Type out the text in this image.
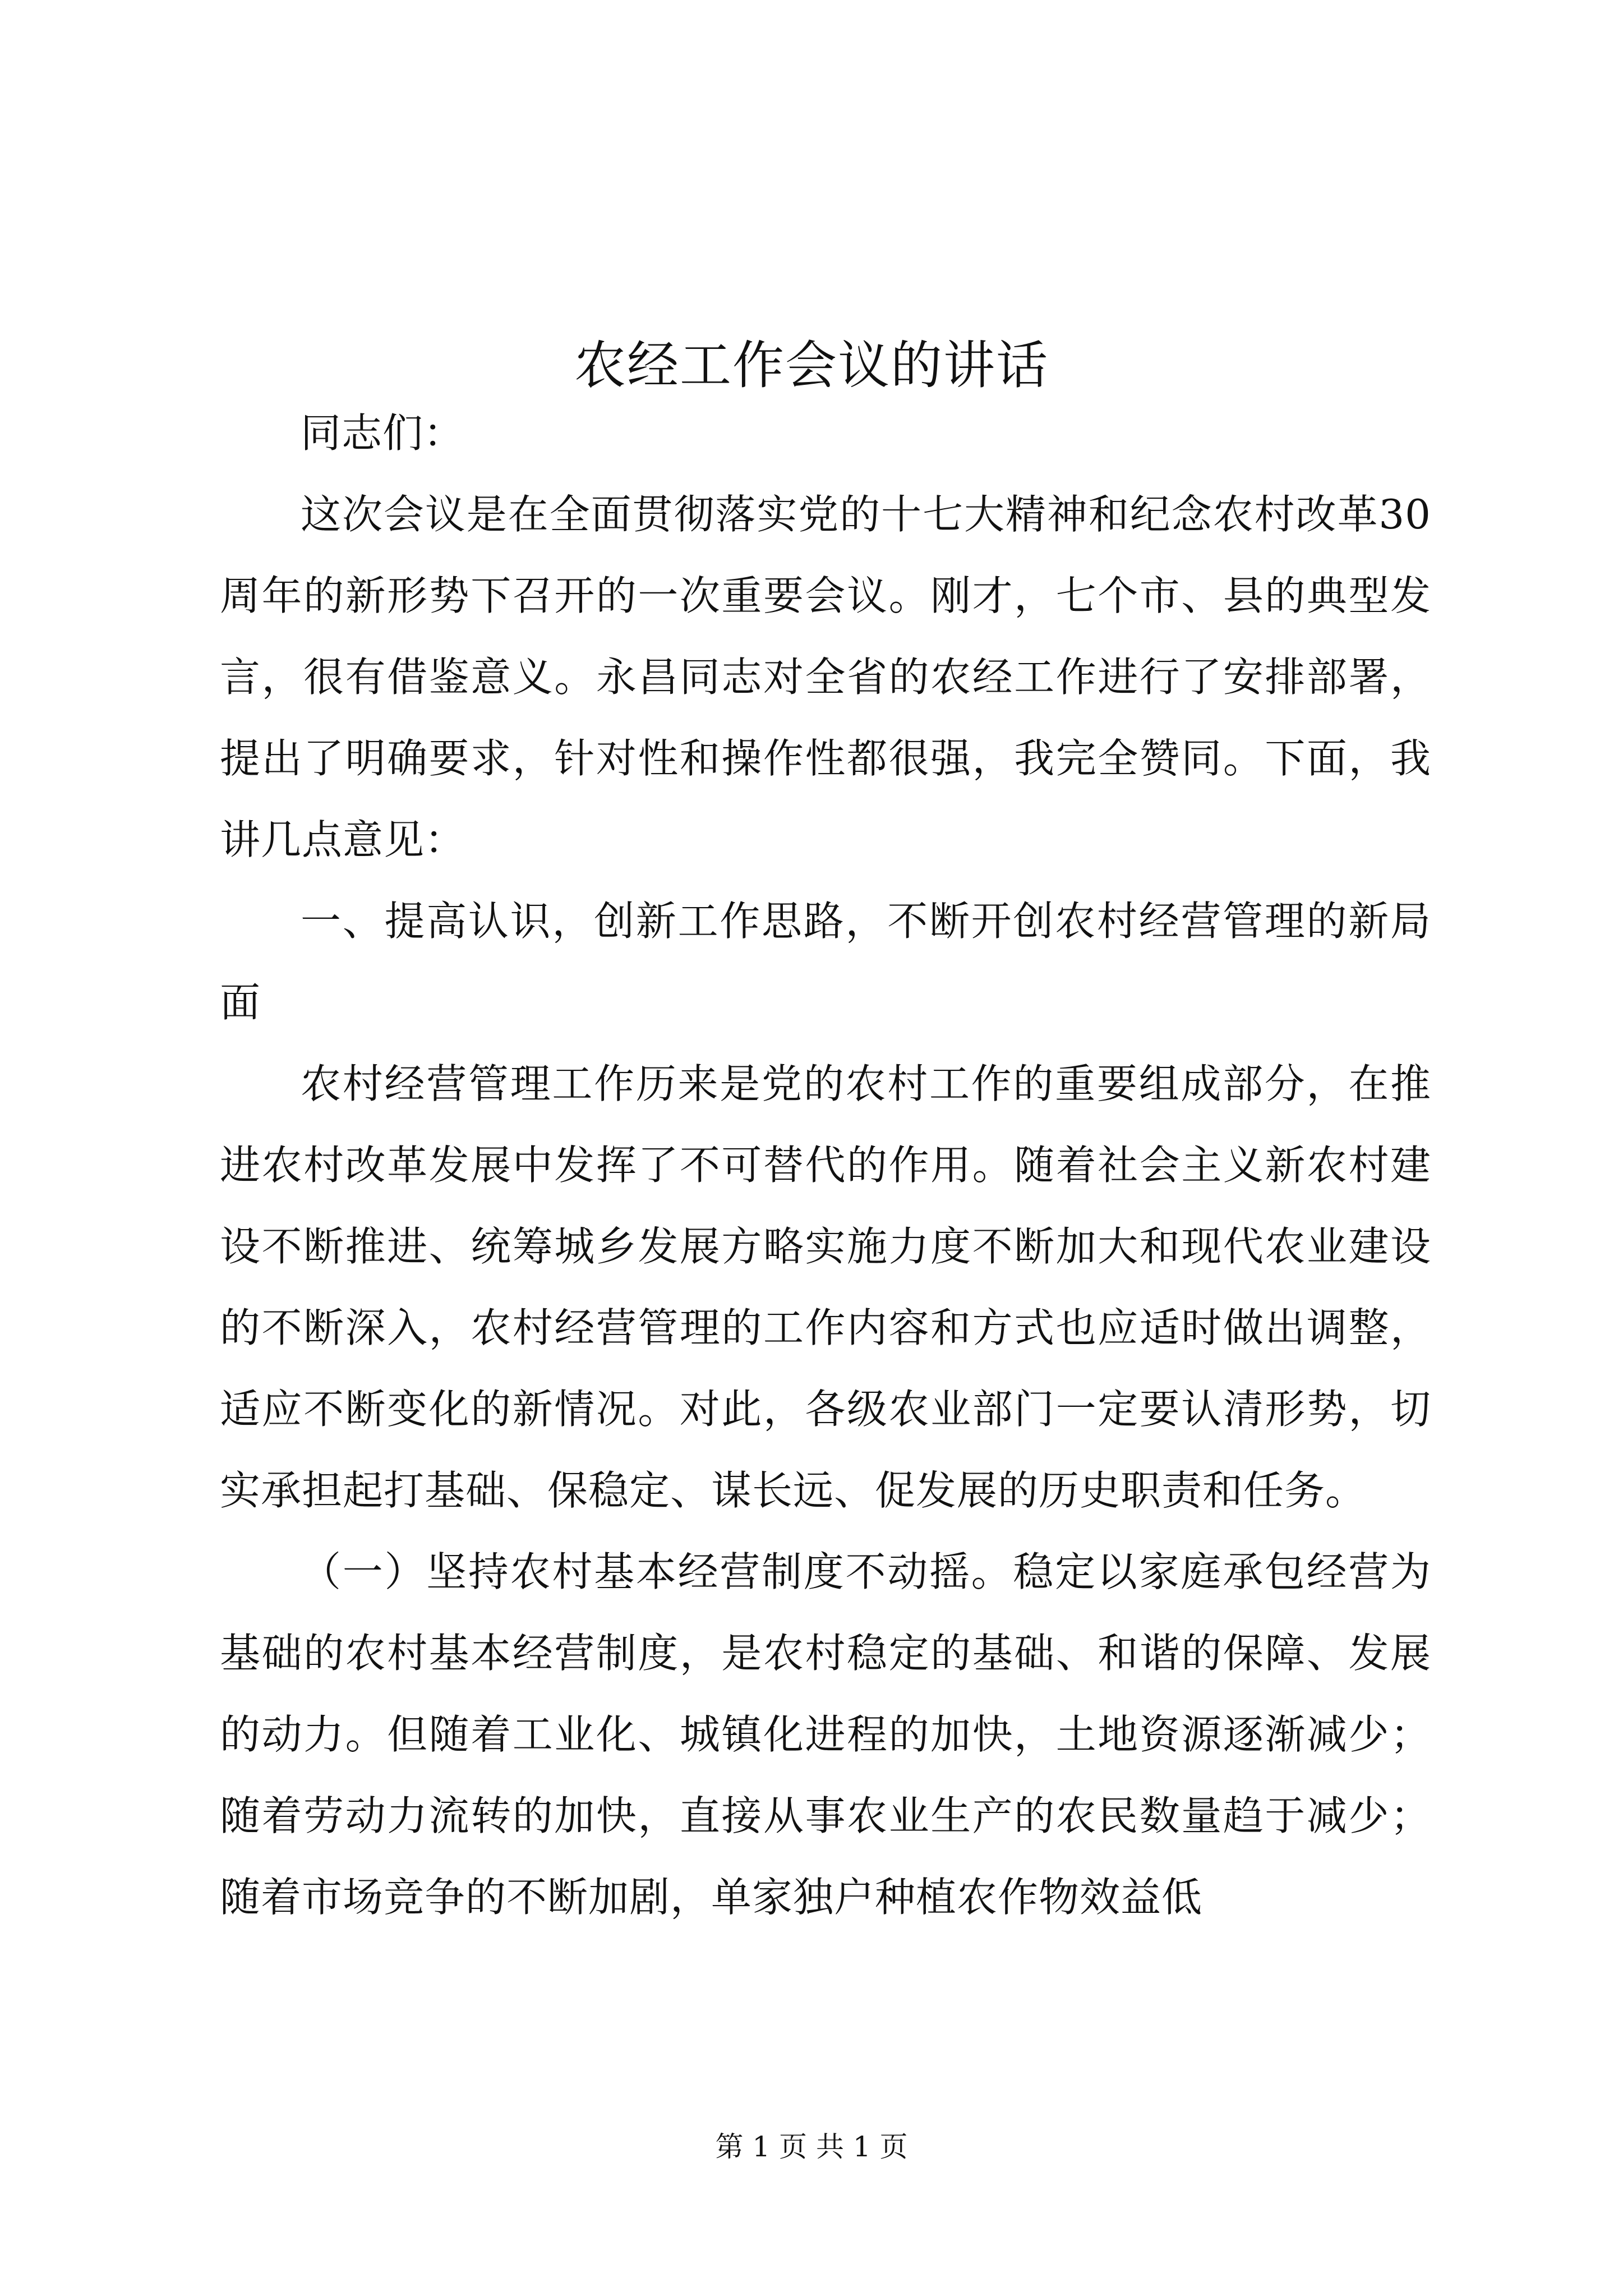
农经工作会议的讲话

同志们：

这次会议是在全面贯彻落实党的十七大精神和纪念农村改革30周年的新形势下召开的一次重要会议。刚才，七个市、县的典型发言，很有借鉴意义。永昌同志对全省的农经工作进行了安排部署，提出了明确要求，针对性和操作性都很强，我完全赞同。下面，我讲几点意见：

一、提高认识，创新工作思路，不断开创农村经营管理的新局面

农村经营管理工作历来是党的农村工作的重要组成部分，在推进农村改革发展中发挥了不可替代的作用。随着社会主义新农村建设不断推进、统筹城乡发展方略实施力度不断加大和现代农业建设的不断深入，农村经营管理的工作内容和方式也应适时做出调整，适应不断变化的新情况。对此，各级农业部门一定要认清形势，切实承担起打基础、保稳定、谋长远、促发展的历史职责和任务。

（一）坚持农村基本经营制度不动摇。稳定以家庭承包经营为基础的农村基本经营制度，是农村稳定的基础、和谐的保障、发展的动力。但随着工业化、城镇化进程的加快，土地资源逐渐减少；随着劳动力流转的加快，直接从事农业生产的农民数量趋于减少；随着市场竞争的不断加剧，单家独户种植农作物效益低

第 1 页 共 1 页
